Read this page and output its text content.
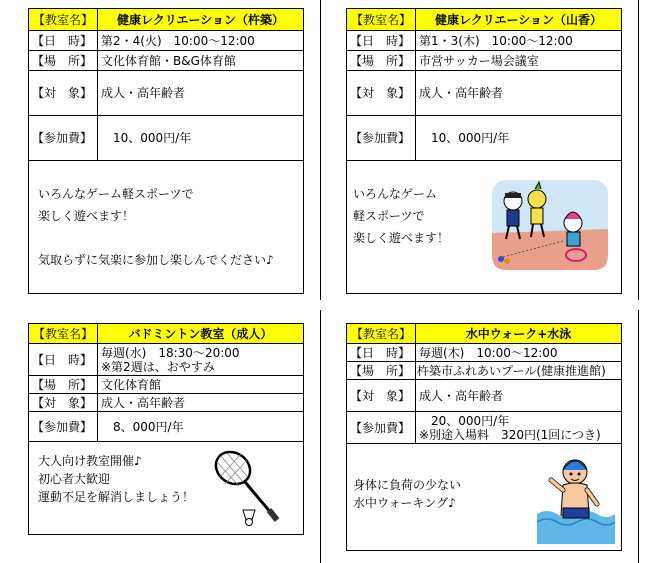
【教室名】	健康レクリエーション（杵築）
【日　時】	第2・4(火)　10:00～12:00
【場　所】	文化体育館・B&G体育館
【対　象】	成人・高年齢者
【参加費】	　10、000円/年

いろんなゲーム軽スポーツで

楽しく遊べます！

気取らずに気楽に参加し楽しんでください♪

【教室名】	健康レクリエーション（山香）
【日　時】	第1・3(木)　10:00～12:00
【場　所】	市営サッカー場会議室
【対　象】	成人・高年齢者
【参加費】	　10、000円/年

いろんなゲーム

軽スポーツで

楽しく遊べます！

【教室名】	バドミントン教室（成人）
【日　時】	毎週(水)　18:30～20:00
※第2週は、おやすみ

【場　所】	文化体育館
【対　象】	成人・高年齢者
【参加費】	　8、000円/年

大人向け教室開催♪

初心者大歓迎

運動不足を解消しましょう！

【教室名】	水中ウォーク+水泳
【日　時】	毎週(木)　10:00～12:00
【場　所】	杵築市ふれあいプール(健康推進館)
【対　象】	成人・高年齢者
【参加費】	　20、000円/年
※別途入場料　320円(1回につき)

身体に負荷の少ない

水中ウォーキング♪
